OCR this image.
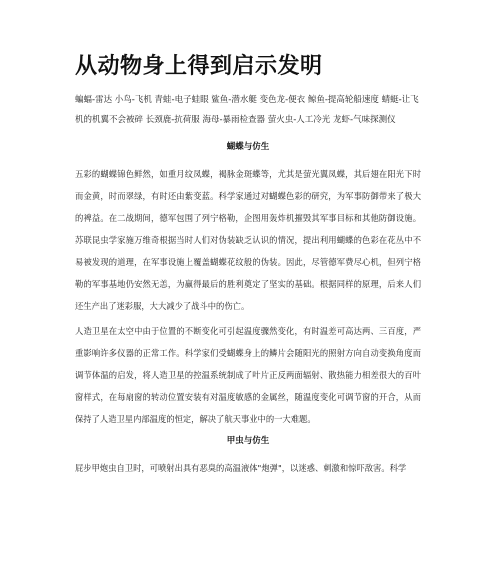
从动物身上得到启示发明

蝙蝠-雷达 小鸟-飞机 青蛙-电子蛙眼 鲨鱼-潜水艇 变色龙-便衣 鲸鱼-提高轮船速度 蜻蜓-让飞机的机翼不会被碎 长颈鹿-抗荷服 海母-暴雨检查器 萤火虫-人工冷光 龙虾-气味探测仪

蝴蝶与仿生

五彩的蝴蝶锦色鲜然，如重月纹凤蝶，褐脉金斑蝶等，尤其是萤光翼凤蝶，其后翅在阳光下时而金黄，时而翠绿，有时还由紫变蓝。科学家通过对蝴蝶色彩的研究，为军事防御带来了极大的裨益。在二战期间，德军包围了列宁格勒，企图用轰炸机摧毁其军事目标和其他防御设施。苏联昆虫学家施万维奇根据当时人们对伪装缺乏认识的情况，提出利用蝴蝶的色彩在花丛中不易被发现的道理，在军事设施上覆盖蝴蝶花纹般的伪装。因此，尽管德军费尽心机，但列宁格勒的军事基地仍安然无恙，为赢得最后的胜利奠定了坚实的基础。根据同样的原理，后来人们还生产出了迷彩服，大大减少了战斗中的伤亡。

人造卫星在太空中由于位置的不断变化可引起温度骤然变化，有时温差可高达两、三百度，严重影响许多仪器的正常工作。科学家们受蝴蝶身上的鳞片会随阳光的照射方向自动变换角度而调节体温的启发，将人造卫星的控温系统制成了叶片正反两面辐射、散热能力相差很大的百叶窗样式，在每扇窗的转动位置安装有对温度敏感的金属丝，随温度变化可调节窗的开合，从而保持了人造卫星内部温度的恒定，解决了航天事业中的一大难题。

甲虫与仿生

屁步甲炮虫自卫时，可喷射出具有恶臭的高温液体"炮弹"，以迷惑、刺激和惊吓敌害。科学
